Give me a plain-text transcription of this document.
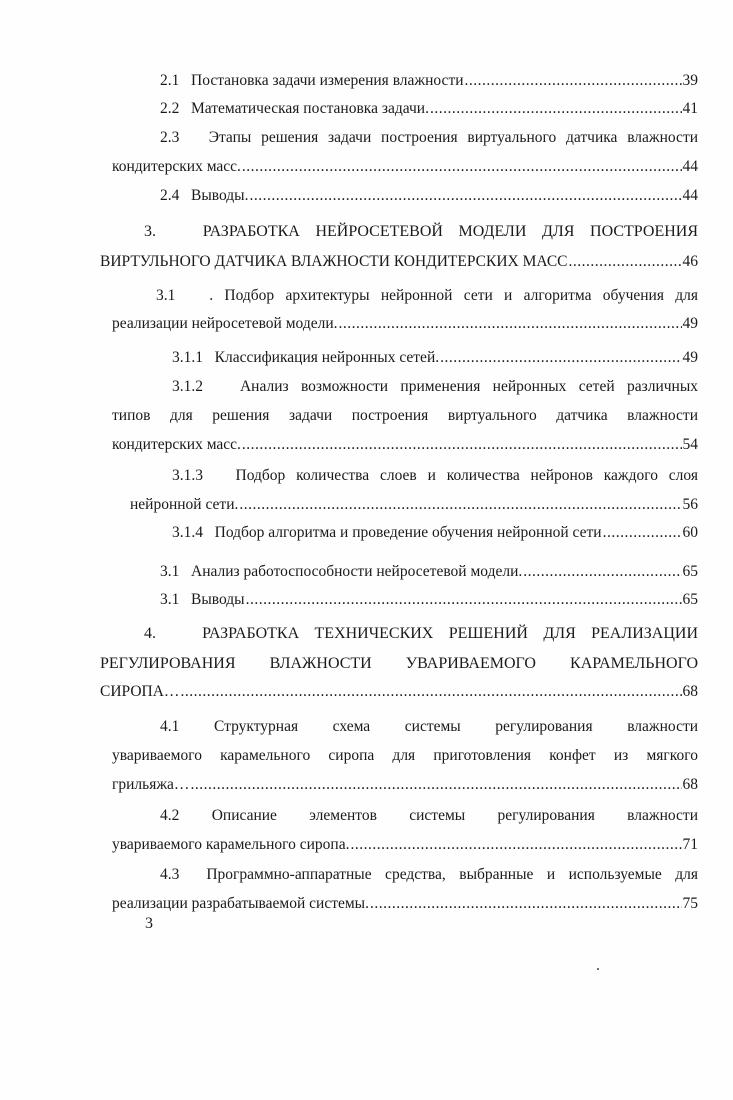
2.1 Постановка задачи измерения влажности .....	39
2.2 Математическая постановка задачи. .....	41
2.3 Этапы решения задачи построения виртуального датчика влажности
кондитерских масс. .....	44
2.4 Выводы. .....	44
3.	РАЗРАБОТКА НЕЙРОСЕТЕВОЙ МОДЕЛИ ДЛЯ ПОСТРОЕНИЯ
ВИРТУЛЬНОГО ДАТЧИКА ВЛАЖНОСТИ КОНДИТЕРСКИХ МАСС .....	46
3.1 . Подбор архитектуры нейронной сети и алгоритма обучения для
реализации нейросетевой модели. .....	49
3.1.1 Классификация нейронных сетей. .....	49
3.1.2 Анализ возможности применения нейронных сетей различных
типов для решения задачи построения виртуального датчика влажности
кондитерских масс. .....	54
3.1.3 Подбор количества слоев и количества нейронов каждого слоя
нейронной сети. .....	56
3.1.4 Подбор алгоритма и проведение обучения нейронной сети .....	60
3.1 Анализ работоспособности нейросетевой модели. .....	65
3.1 Выводы .....	65
4.	РАЗРАБОТКА ТЕХНИЧЕСКИХ РЕШЕНИЙ ДЛЯ РЕАЛИЗАЦИИ
РЕГУЛИРОВАНИЯ ВЛАЖНОСТИ УВАРИВАЕМОГО КАРАМЕЛЬНОГО
СИРОПА… .....	68
4.1 Структурная схема системы регулирования влажности
увариваемого карамельного сиропа для приготовления конфет из мягкого
грильяжа… .....	68
4.2 Описание элементов системы регулирования влажности
увариваемого карамельного сиропа. .....	71
4.3 Программно-аппаратные средства, выбранные и используемые для
реализации разрабатываемой системы. .....	75
3
